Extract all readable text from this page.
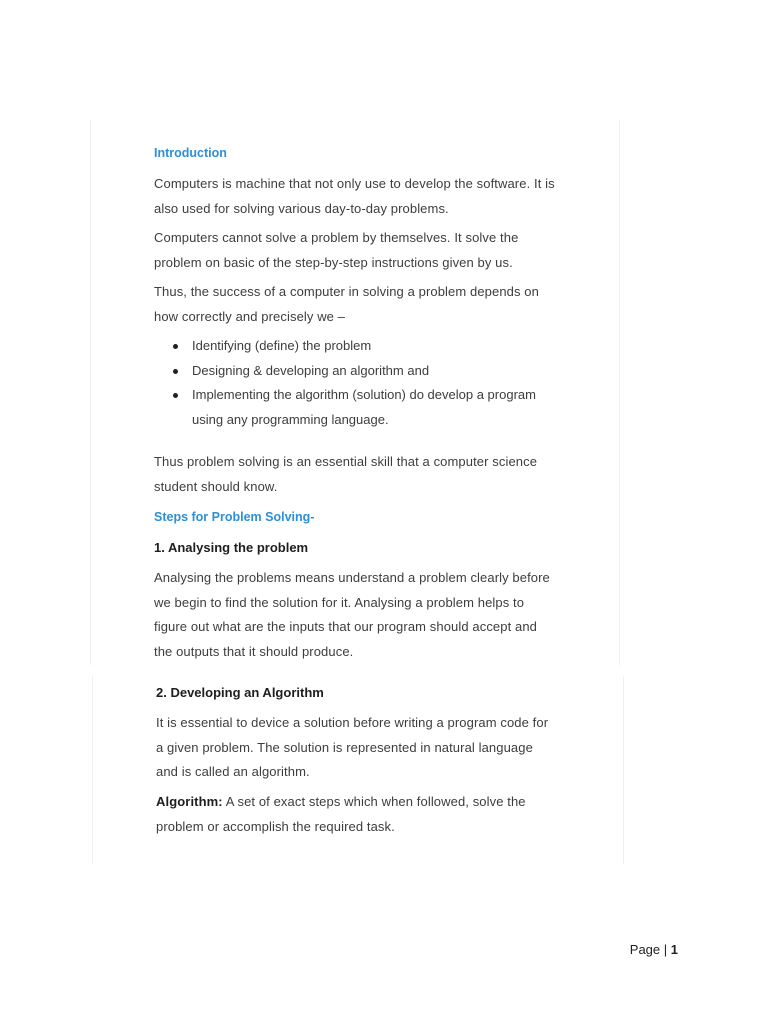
Introduction
Computers is machine that not only use to develop the software. It is
also used for solving various day-to-day problems.
Computers cannot solve a problem by themselves. It solve the
problem on basic of the step-by-step instructions given by us.
Thus, the success of a computer in solving a problem depends on
how correctly and precisely we –
Identifying (define) the problem
Designing & developing an algorithm and
Implementing the algorithm (solution) do develop a program
using any programming language.
Thus problem solving is an essential skill that a computer science
student should know.
Steps for Problem Solving-
1. Analysing the problem
Analysing the problems means understand a problem clearly before
we begin to find the solution for it. Analysing a problem helps to
figure out what are the inputs that our program should accept and
the outputs that it should produce.
2. Developing an Algorithm
It is essential to device a solution before writing a program code for
a given problem. The solution is represented in natural language
and is called an algorithm.
Algorithm: A set of exact steps which when followed, solve the
problem or accomplish the required task.
Page | 1
